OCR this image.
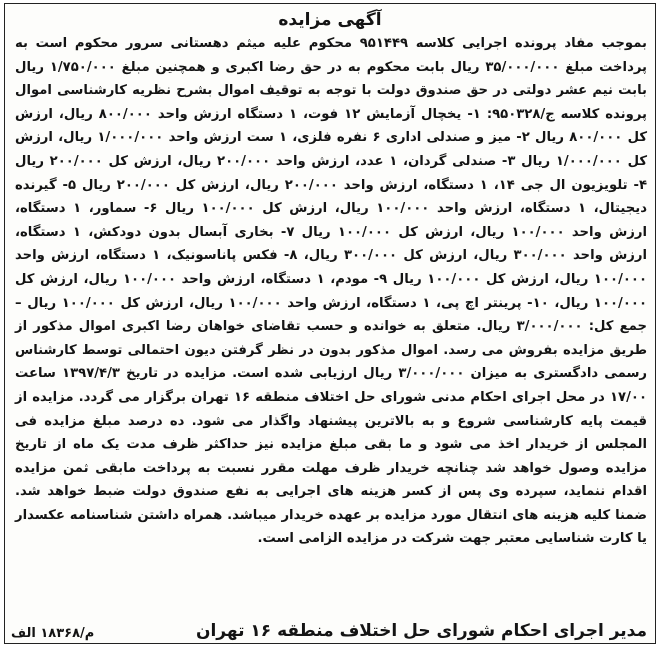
آگهی مزایده

بموجب مفاد پرونده اجرایی کلاسه ۹۵۱۴۴۹ محکوم علیه میثم دهستانی سرور محکوم است به پرداخت مبلغ ۳۵/۰۰۰/۰۰۰ ریال بابت محکوم به در حق رضا اکبری و همچنین مبلغ ۱/۷۵۰/۰۰۰ ریال بابت نیم عشر دولتی در حق صندوق دولت با توجه به توقیف اموال بشرح نظریه کارشناسی اموال پرونده کلاسه ج/۹۵۰۳۲۸: ۱- یخچال آزمایش ۱۲ فوت، ۱ دستگاه ارزش واحد ۸۰۰/۰۰۰ ریال، ارزش کل ۸۰۰/۰۰۰ ریال ۲- میز و صندلی اداری ۶ نفره فلزی، ۱ ست ارزش واحد ۱/۰۰۰/۰۰۰ ریال، ارزش کل ۱/۰۰۰/۰۰۰ ریال ۳- صندلی گردان، ۱ عدد، ارزش واحد ۲۰۰/۰۰۰ ریال، ارزش کل ۲۰۰/۰۰۰ ریال ۴- تلویزیون ال جی ۱۴، ۱ دستگاه، ارزش واحد ۲۰۰/۰۰۰ ریال، ارزش کل ۲۰۰/۰۰۰ ریال ۵- گیرنده دیجیتال، ۱ دستگاه، ارزش واحد ۱۰۰/۰۰۰ ریال، ارزش کل ۱۰۰/۰۰۰ ریال ۶- سماور، ۱ دستگاه، ارزش واحد ۱۰۰/۰۰۰ ریال، ارزش کل ۱۰۰/۰۰۰ ریال ۷- بخاری آبسال بدون دودکش، ۱ دستگاه، ارزش واحد ۳۰۰/۰۰۰ ریال، ارزش کل ۳۰۰/۰۰۰ ریال، ۸- فکس پاناسونیک، ۱ دستگاه، ارزش واحد ۱۰۰/۰۰۰ ریال، ارزش کل ۱۰۰/۰۰۰ ریال ۹- مودم، ۱ دستگاه، ارزش واحد ۱۰۰/۰۰۰ ریال، ارزش کل ۱۰۰/۰۰۰ ریال، ۱۰- پرینتر اچ پی، ۱ دستگاه، ارزش واحد ۱۰۰/۰۰۰ ریال، ارزش کل ۱۰۰/۰۰۰ ریال – جمع کل: ۳/۰۰۰/۰۰۰ ریال. متعلق به خوانده و حسب تقاضای خواهان رضا اکبری اموال مذکور از طریق مزایده بفروش می رسد. اموال مذکور بدون در نظر گرفتن دیون احتمالی توسط کارشناس رسمی دادگستری به میزان ۳/۰۰۰/۰۰۰ ریال ارزیابی شده است. مزایده در تاریخ ۱۳۹۷/۴/۳ ساعت ۱۷/۰۰ در محل اجرای احکام مدنی شورای حل اختلاف منطقه ۱۶ تهران برگزار می گردد. مزایده از قیمت پایه کارشناسی شروع و به بالاترین پیشنهاد واگذار می شود. ده درصد مبلغ مزایده فی المجلس از خریدار اخذ می شود و ما بقی مبلغ مزایده نیز حداکثر ظرف مدت یک ماه از تاریخ مزایده وصول خواهد شد چنانچه خریدار ظرف مهلت مقرر نسبت به پرداخت مابقی ثمن مزایده اقدام ننماید، سپرده وی پس از کسر هزینه های اجرایی به نفع صندوق دولت ضبط خواهد شد. ضمنا کلیه هزینه های انتقال مورد مزایده بر عهده خریدار میباشد. همراه داشتن شناسنامه عکسدار یا کارت شناسایی معتبر جهت شرکت در مزایده الزامی است.

مدیر اجرای احکام شورای حل اختلاف منطقه ۱۶ تهران
م/۱۸۳۶۸ الف
